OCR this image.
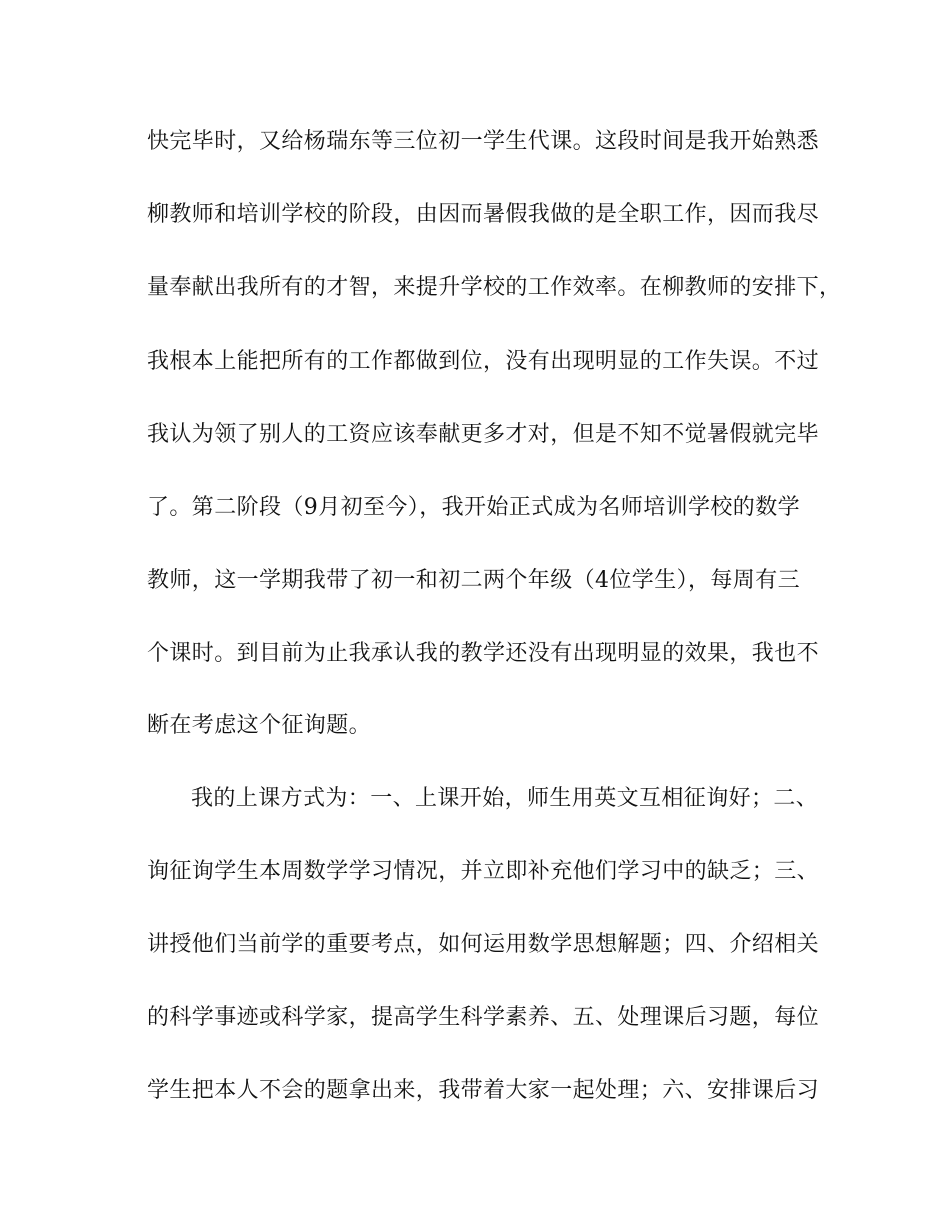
快完毕时，又给杨瑞东等三位初一学生代课。这段时间是我开始熟悉
柳教师和培训学校的阶段，由因而暑假我做的是全职工作，因而我尽
量奉献出我所有的才智，来提升学校的工作效率。在柳教师的安排下，
我根本上能把所有的工作都做到位，没有出现明显的工作失误。不过
我认为领了别人的工资应该奉献更多才对，但是不知不觉暑假就完毕
了。第二阶段（9月初至今），我开始正式成为名师培训学校的数学
教师，这一学期我带了初一和初二两个年级（4位学生），每周有三
个课时。到目前为止我承认我的教学还没有出现明显的效果，我也不
断在考虑这个征询题。
我的上课方式为：一、上课开始，师生用英文互相征询好；二、
询征询学生本周数学学习情况，并立即补充他们学习中的缺乏；三、
讲授他们当前学的重要考点，如何运用数学思想解题；四、介绍相关
的科学事迹或科学家，提高学生科学素养、五、处理课后习题，每位
学生把本人不会的题拿出来，我带着大家一起处理；六、安排课后习
